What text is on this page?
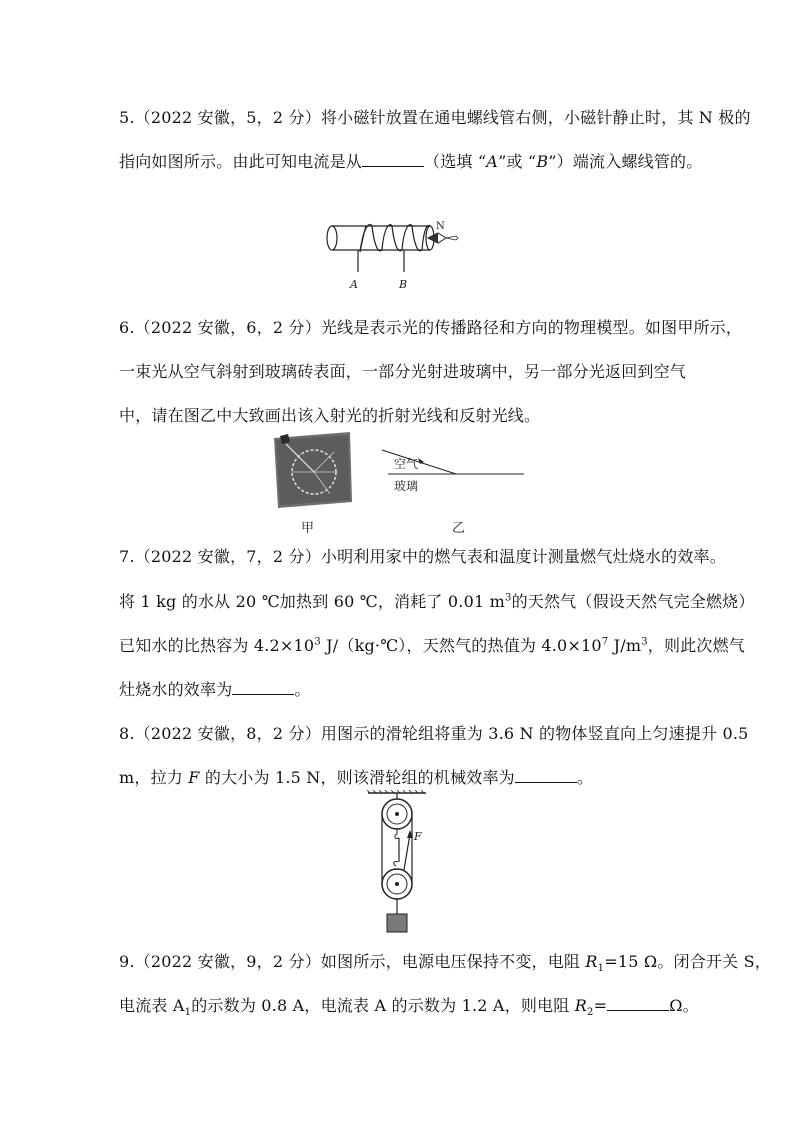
5.（2022 安徽，5，2 分）将小磁针放置在通电螺线管右侧，小磁针静止时，其 N 极的
指向如图所示。由此可知电流是从	（选填 “A”或 “B”）端流入螺线管的。
N
A	B
6.（2022 安徽，6，2 分）光线是表示光的传播路径和方向的物理模型。如图甲所示，
一束光从空气斜射到玻璃砖表面，一部分光射进玻璃中，另一部分光返回到空气
中，请在图乙中大致画出该入射光的折射光线和反射光线。
甲
空气
玻璃
乙
7.（2022 安徽，7，2 分）小明利用家中的燃气表和温度计测量燃气灶烧水的效率。
将 1 kg 的水从 20 ℃加热到 60 ℃，消耗了 0.01 $m^3$的天然气（假设天然气完全燃烧）
已知水的比热容为 $4.2\times 10^3$ J/（kg·℃），天然气的热值为 $4.0\times 10^7$ $J/m^3$，则此次燃气
灶烧水的效率为	。
8.（2022 安徽，8，2 分）用图示的滑轮组将重为 3.6 N 的物体竖直向上匀速提升 0.5
m，拉力 F 的大小为 1.5 N，则该滑轮组的机械效率为	。
F
9.（2022 安徽，9，2 分）如图所示，电源电压保持不变，电阻 $R_1=15$ Ω。闭合开关 S，
电流表 $A_1$的示数为 0.8 A，电流表 A 的示数为 1.2 A，则电阻 $R_2=$	Ω。
